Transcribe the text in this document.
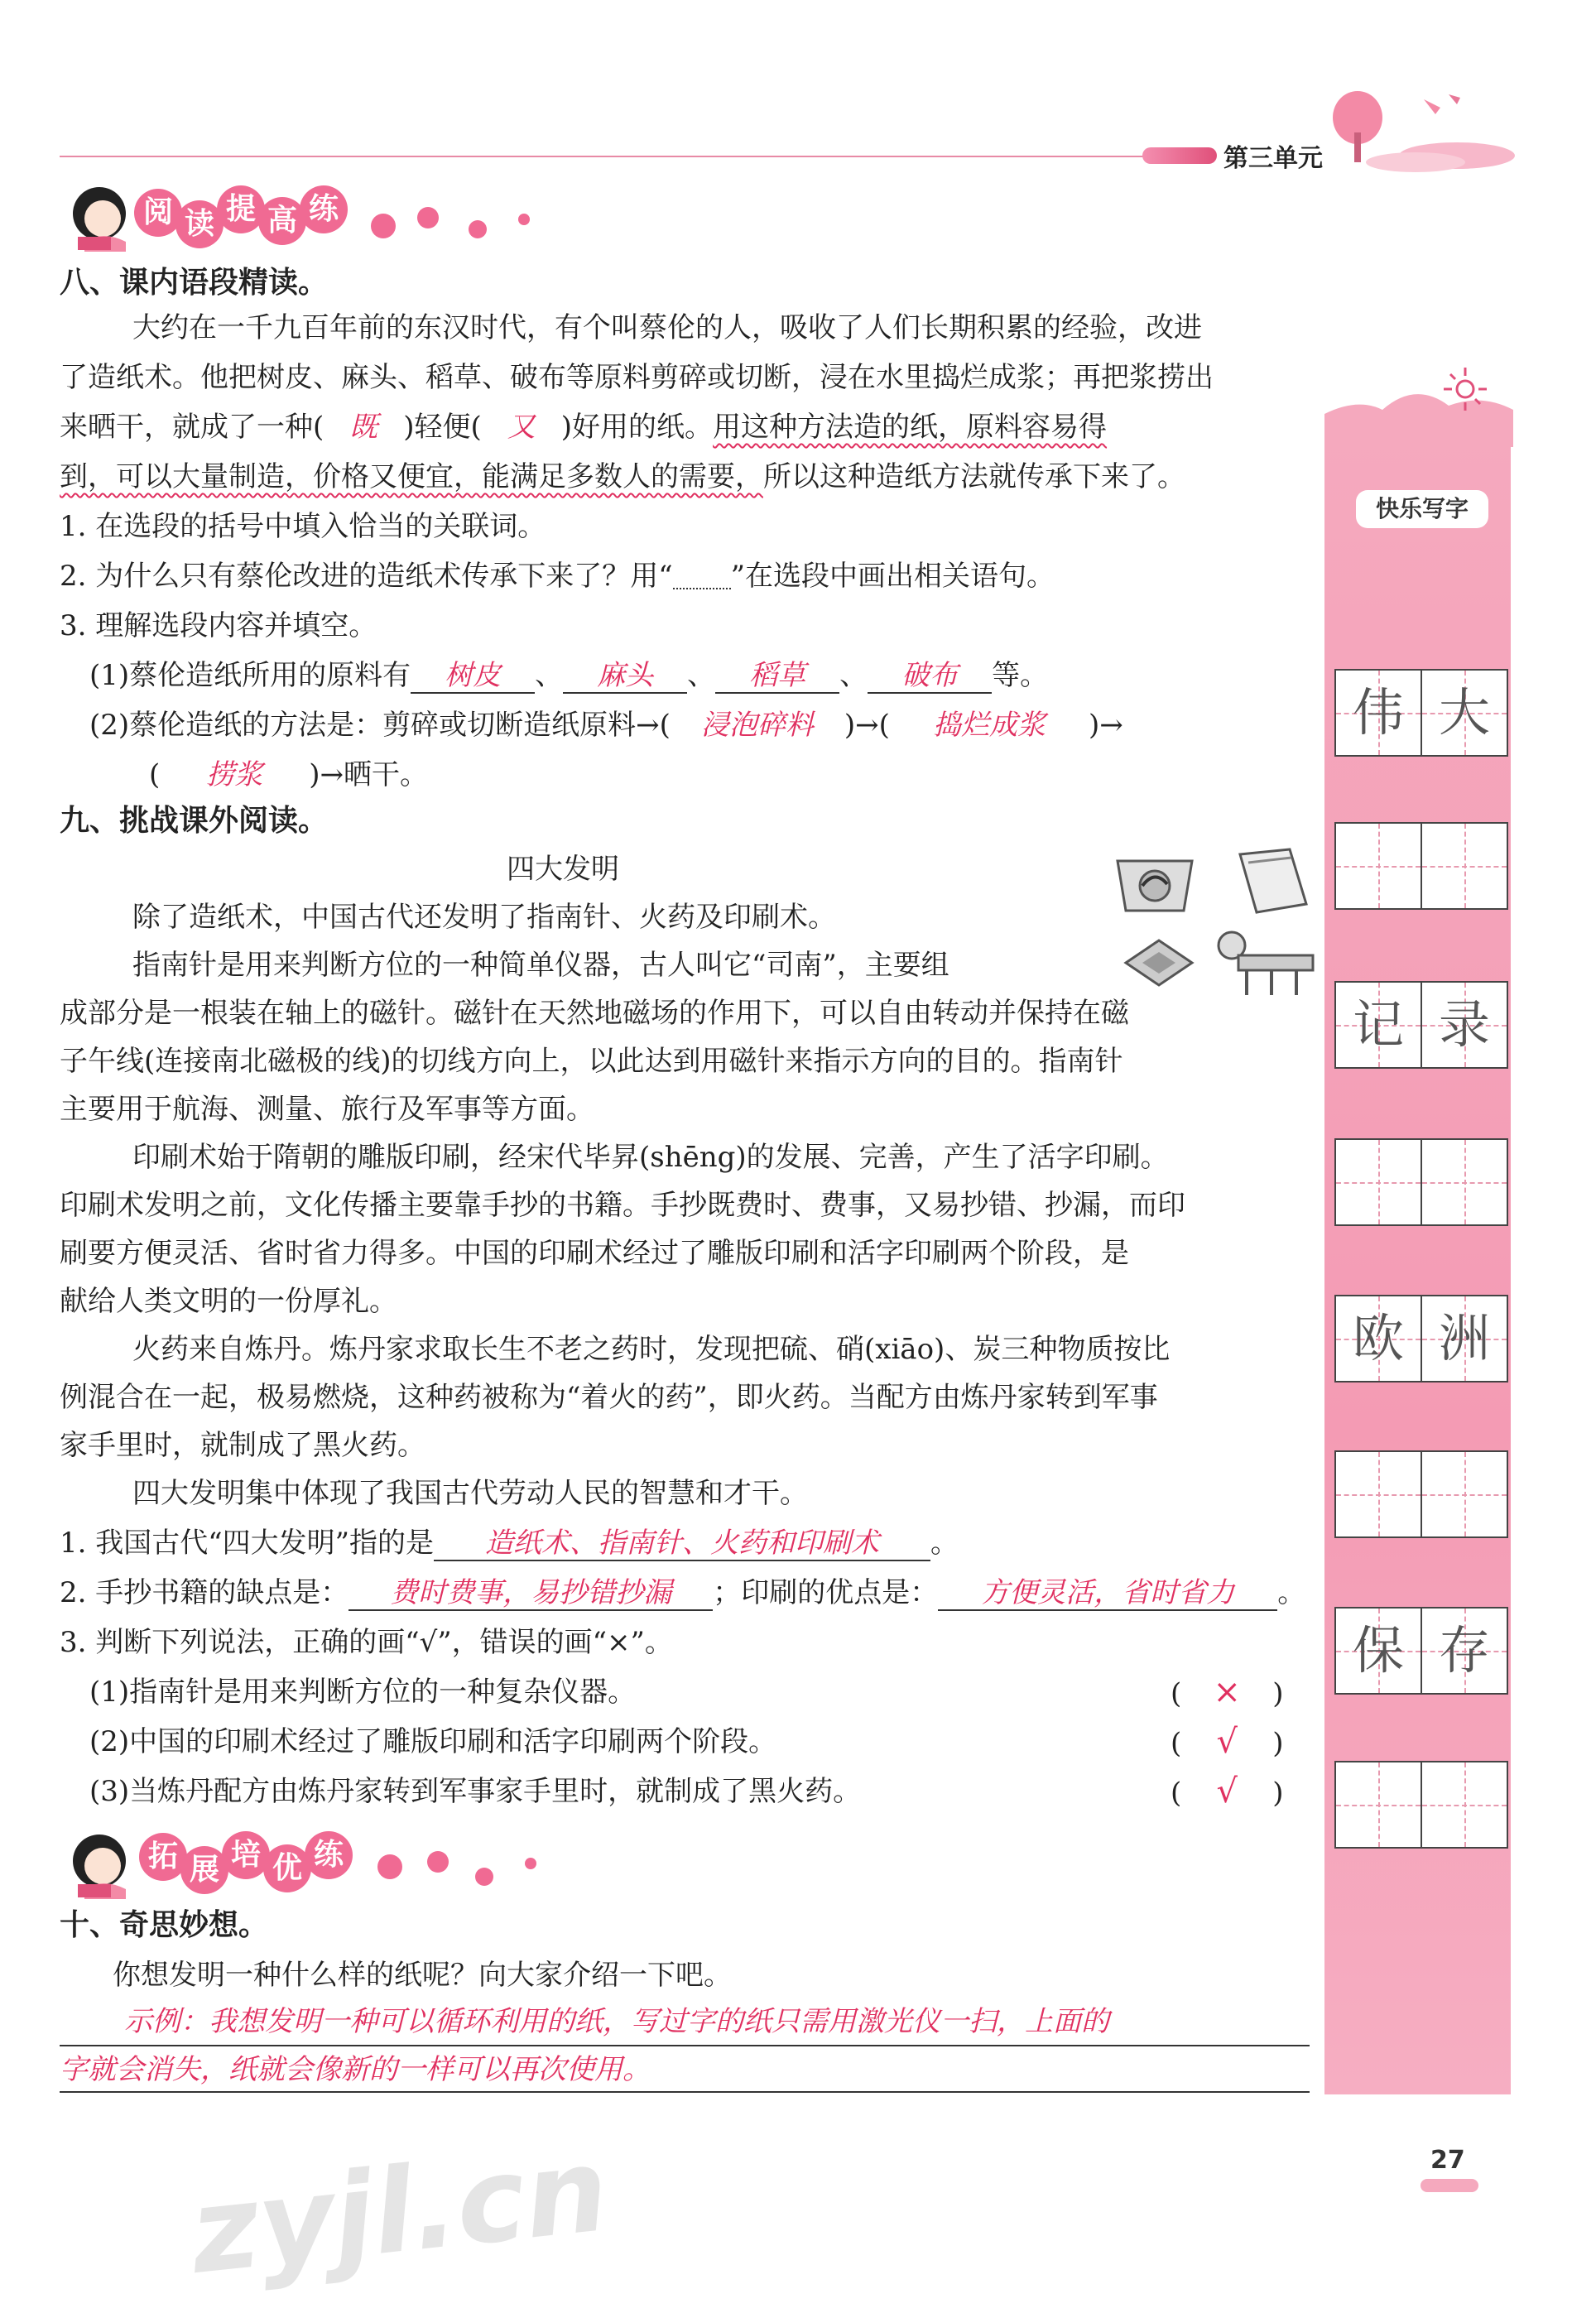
第三单元
快乐写字
伟 大
记 录
欧 洲
保 存
阅 读 提 高 练
八、课内语段精读。
大约在一千九百年前的东汉时代，有个叫蔡伦的人，吸收了人们长期积累的经验，改进
了造纸术。他把树皮、麻头、稻草、破布等原料剪碎或切断，浸在水里捣烂成浆；再把浆捞出
来晒干，就成了一种( 既 )轻便( 又 )好用的纸。用这种方法造的纸，原料容易得
到，可以大量制造，价格又便宜，能满足多数人的需要，所以这种造纸方法就传承下来了。
1. 在选段的括号中填入恰当的关联词。
2. 为什么只有蔡伦改进的造纸术传承下来了？用“ ”在选段中画出相关语句。
3. 理解选段内容并填空。
(1)蔡伦造纸所用的原料有 树皮 、 麻头 、 稻草 、 破布 等。
(2)蔡伦造纸的方法是：剪碎或切断造纸原料→( 浸泡碎料 )→( 捣烂成浆 )→
( 捞浆 )→晒干。
九、挑战课外阅读。
四大发明
除了造纸术，中国古代还发明了指南针、火药及印刷术。
指南针是用来判断方位的一种简单仪器，古人叫它“司南”，主要组
成部分是一根装在轴上的磁针。磁针在天然地磁场的作用下，可以自由转动并保持在磁
子午线(连接南北磁极的线)的切线方向上，以此达到用磁针来指示方向的目的。指南针
主要用于航海、测量、旅行及军事等方面。
印刷术始于隋朝的雕版印刷，经宋代毕昇(shēng)的发展、完善，产生了活字印刷。
印刷术发明之前，文化传播主要靠手抄的书籍。手抄既费时、费事，又易抄错、抄漏，而印
刷要方便灵活、省时省力得多。中国的印刷术经过了雕版印刷和活字印刷两个阶段，是
献给人类文明的一份厚礼。
火药来自炼丹。炼丹家求取长生不老之药时，发现把硫、硝(xiāo)、炭三种物质按比
例混合在一起，极易燃烧，这种药被称为“着火的药”，即火药。当配方由炼丹家转到军事
家手里时，就制成了黑火药。
四大发明集中体现了我国古代劳动人民的智慧和才干。
1. 我国古代“四大发明”指的是 造纸术、指南针、火药和印刷术 。
2. 手抄书籍的缺点是： 费时费事，易抄错抄漏 ；印刷的优点是： 方便灵活，省时省力 。
3. 判断下列说法，正确的画“√”，错误的画“×”。
(1)指南针是用来判断方位的一种复杂仪器。
(2)中国的印刷术经过了雕版印刷和活字印刷两个阶段。
(3)当炼丹配方由炼丹家转到军事家手里时，就制成了黑火药。
( × )
( √ )
( √ )
拓 展 培 优 练
十、奇思妙想。
你想发明一种什么样的纸呢？向大家介绍一下吧。
示例：我想发明一种可以循环利用的纸，写过字的纸只需用激光仪一扫，上面的
字就会消失，纸就会像新的一样可以再次使用。
27
zyjl.cn
